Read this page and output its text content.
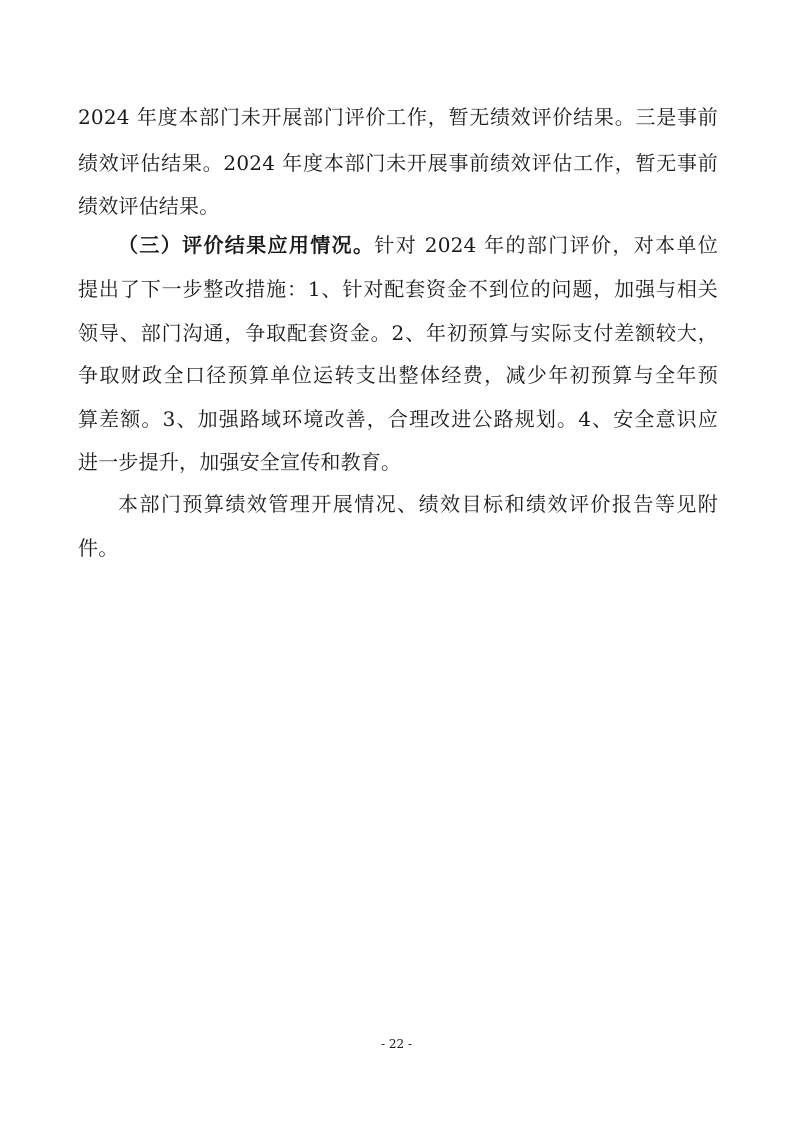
2024 年度本部门未开展部门评价工作，暂无绩效评价结果。三是事前
绩效评估结果。2024 年度本部门未开展事前绩效评估工作，暂无事前
绩效评估结果。
（三）评价结果应用情况。针对 2024 年的部门评价，对本单位
提出了下一步整改措施：1、针对配套资金不到位的问题，加强与相关
领导、部门沟通，争取配套资金。2、年初预算与实际支付差额较大，
争取财政全口径预算单位运转支出整体经费，减少年初预算与全年预
算差额。3、加强路域环境改善，合理改进公路规划。4、安全意识应
进一步提升，加强安全宣传和教育。
本部门预算绩效管理开展情况、绩效目标和绩效评价报告等见附
件。
- 22 -
